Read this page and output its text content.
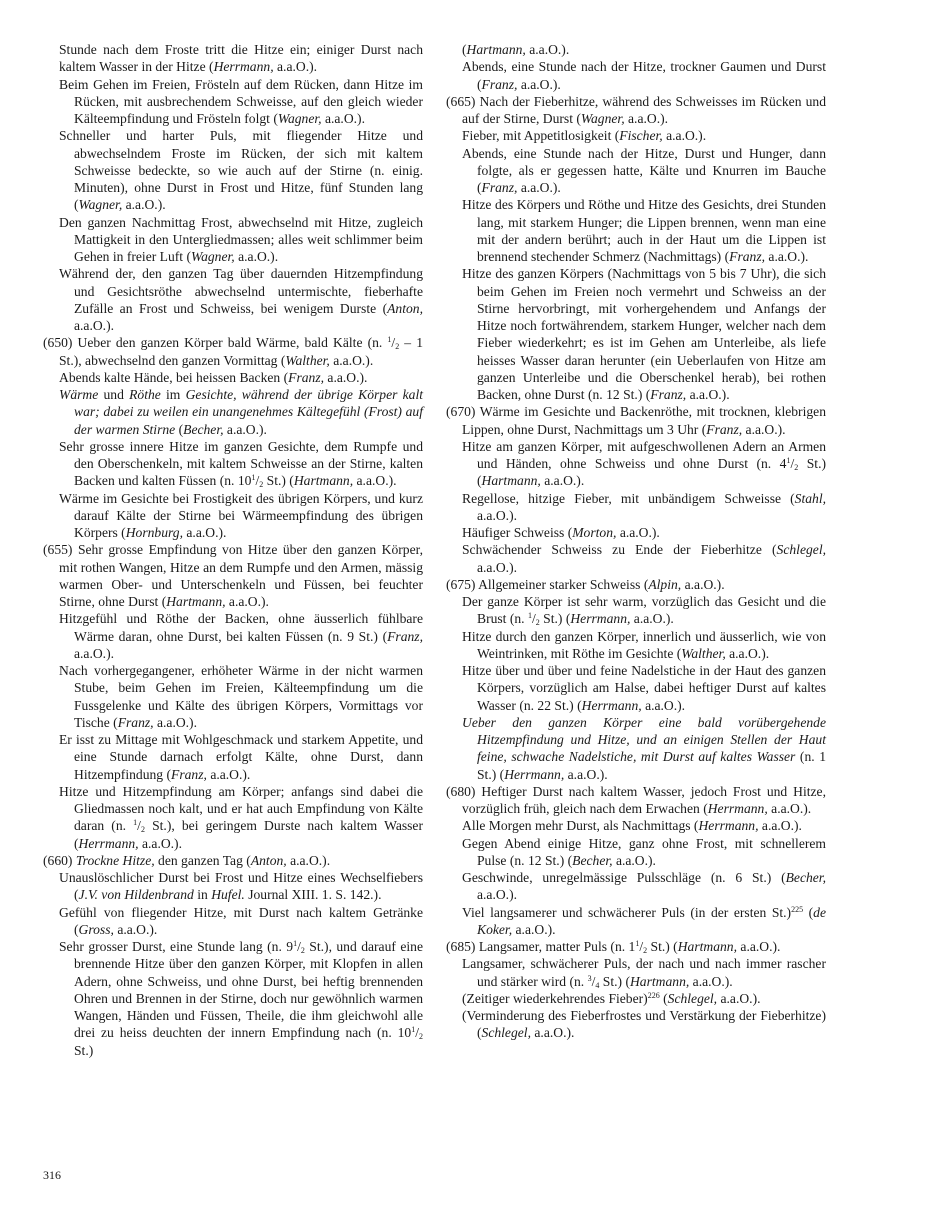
Stunde nach dem Froste tritt die Hitze ein; einiger Durst nach kaltem Wasser in der Hitze (Herrmann, a.a.O.).

Beim Gehen im Freien, Frösteln auf dem Rücken, dann Hitze im Rücken, mit ausbrechendem Schweisse, auf den gleich wieder Kälteempfindung und Frösteln folgt (Wagner, a.a.O.).

Schneller und harter Puls, mit fliegender Hitze und abwechselndem Froste im Rücken, der sich mit kaltem Schweisse bedeckte, so wie auch auf der Stirne (n. einig. Minuten), ohne Durst in Frost und Hitze, fünf Stunden lang (Wagner, a.a.O.).

Den ganzen Nachmittag Frost, abwechselnd mit Hitze, zugleich Mattigkeit in den Untergliedmassen; alles weit schlimmer beim Gehen in freier Luft (Wagner, a.a.O.).

Während der, den ganzen Tag über dauernden Hitzempfindung und Gesichtsröthe abwechselnd untermischte, fieberhafte Zufälle an Frost und Schweiss, bei wenigem Durste (Anton, a.a.O.).

(650) Ueber den ganzen Körper bald Wärme, bald Kälte (n. $^1/_2 - 1$ St.), abwechselnd den ganzen Vormittag (Walther, a.a.O.).

Abends kalte Hände, bei heissen Backen (Franz, a.a.O.).

Wärme und Röthe im Gesichte, während der übrige Körper kalt war; dabei zu weilen ein unangenehmes Kältegefühl (Frost) auf der warmen Stirne (Becher, a.a.O.).

Sehr grosse innere Hitze im ganzen Gesichte, dem Rumpfe und den Oberschenkeln, mit kaltem Schweisse an der Stirne, kalten Backen und kalten Füssen (n. $10^1/_2$ St.) (Hartmann, a.a.O.).

Wärme im Gesichte bei Frostigkeit des übrigen Körpers, und kurz darauf Kälte der Stirne bei Wärmeempfindung des übrigen Körpers (Hornburg, a.a.O.).

(655) Sehr grosse Empfindung von Hitze über den ganzen Körper, mit rothen Wangen, Hitze an dem Rumpfe und den Armen, mässig warmen Ober- und Unterschenkeln und Füssen, bei feuchter Stirne, ohne Durst (Hartmann, a.a.O.).

Hitzgefühl und Röthe der Backen, ohne äusserlich fühlbare Wärme daran, ohne Durst, bei kalten Füssen (n. 9 St.) (Franz, a.a.O.).

Nach vorhergegangener, erhöheter Wärme in der nicht warmen Stube, beim Gehen im Freien, Kälteempfindung um die Fussgelenke und Kälte des übrigen Körpers, Vormittags vor Tische (Franz, a.a.O.).

Er isst zu Mittage mit Wohlgeschmack und starkem Appetite, und eine Stunde darnach erfolgt Kälte, ohne Durst, dann Hitzempfindung (Franz, a.a.O.).

Hitze und Hitzempfindung am Körper; anfangs sind dabei die Gliedmassen noch kalt, und er hat auch Empfindung von Kälte daran (n. $^1/_2$ St.), bei geringem Durste nach kaltem Wasser (Herrmann, a.a.O.).

(660) Trockne Hitze, den ganzen Tag (Anton, a.a.O.).

Unauslöschlicher Durst bei Frost und Hitze eines Wechselfiebers (J.V. von Hildenbrand in Hufel. Journal XIII. 1. S. 142.).

Gefühl von fliegender Hitze, mit Durst nach kaltem Getränke (Gross, a.a.O.).

Sehr grosser Durst, eine Stunde lang (n. $9^1/_2$ St.), und darauf eine brennende Hitze über den ganzen Körper, mit Klopfen in allen Adern, ohne Schweiss, und ohne Durst, bei heftig brennenden Ohren und Brennen in der Stirne, doch nur gewöhnlich warmen Wangen, Händen und Füssen, Theile, die ihm gleichwohl alle drei zu heiss deuchten der innern Empfindung nach (n. $10^1/_2$ St.)

(Hartmann, a.a.O.).

Abends, eine Stunde nach der Hitze, trockner Gaumen und Durst (Franz, a.a.O.).

(665) Nach der Fieberhitze, während des Schweisses im Rücken und auf der Stirne, Durst (Wagner, a.a.O.).

Fieber, mit Appetitlosigkeit (Fischer, a.a.O.).

Abends, eine Stunde nach der Hitze, Durst und Hunger, dann folgte, als er gegessen hatte, Kälte und Knurren im Bauche (Franz, a.a.O.).

Hitze des Körpers und Röthe und Hitze des Gesichts, drei Stunden lang, mit starkem Hunger; die Lippen brennen, wenn man eine mit der andern berührt; auch in der Haut um die Lippen ist brennend stechender Schmerz (Nachmittags) (Franz, a.a.O.).

Hitze des ganzen Körpers (Nachmittags von 5 bis 7 Uhr), die sich beim Gehen im Freien noch vermehrt und Schweiss an der Stirne hervorbringt, mit vorhergehendem und Anfangs der Hitze noch fortwährendem, starkem Hunger, welcher nach dem Fieber wiederkehrt; es ist im Gehen am Unterleibe, als liefe heisses Wasser daran herunter (ein Ueberlaufen von Hitze am ganzen Unterleibe und die Oberschenkel herab), bei rothen Backen, ohne Durst (n. 12 St.) (Franz, a.a.O.).

(670) Wärme im Gesichte und Backenröthe, mit trocknen, klebrigen Lippen, ohne Durst, Nachmittags um 3 Uhr (Franz, a.a.O.).

Hitze am ganzen Körper, mit aufgeschwollenen Adern an Armen und Händen, ohne Schweiss und ohne Durst (n. $4^1/_2$ St.) (Hartmann, a.a.O.).

Regellose, hitzige Fieber, mit unbändigem Schweisse (Stahl, a.a.O.).

Häufiger Schweiss (Morton, a.a.O.).

Schwächender Schweiss zu Ende der Fieberhitze (Schlegel, a.a.O.).

(675) Allgemeiner starker Schweiss (Alpin, a.a.O.).

Der ganze Körper ist sehr warm, vorzüglich das Gesicht und die Brust (n. $^1/_2$ St.) (Herrmann, a.a.O.).

Hitze durch den ganzen Körper, innerlich und äusserlich, wie von Weintrinken, mit Röthe im Gesichte (Walther, a.a.O.).

Hitze über und über und feine Nadelstiche in der Haut des ganzen Körpers, vorzüglich am Halse, dabei heftiger Durst auf kaltes Wasser (n. 22 St.) (Herrmann, a.a.O.).

Ueber den ganzen Körper eine bald vorübergehende Hitzempfindung und Hitze, und an einigen Stellen der Haut feine, schwache Nadelstiche, mit Durst auf kaltes Wasser (n. 1 St.) (Herrmann, a.a.O.).

(680) Heftiger Durst nach kaltem Wasser, jedoch Frost und Hitze, vorzüglich früh, gleich nach dem Erwachen (Herrmann, a.a.O.).

Alle Morgen mehr Durst, als Nachmittags (Herrmann, a.a.O.).

Gegen Abend einige Hitze, ganz ohne Frost, mit schnellerem Pulse (n. 12 St.) (Becher, a.a.O.).

Geschwinde, unregelmässige Pulsschläge (n. 6 St.) (Becher, a.a.O.).

Viel langsamerer und schwächerer Puls (in der ersten St.)$^{225}$ (de Koker, a.a.O.).

(685) Langsamer, matter Puls (n. $1^1/_2$ St.) (Hartmann, a.a.O.).

Langsamer, schwächerer Puls, der nach und nach immer rascher und stärker wird (n. $^3/_4$ St.) (Hartmann, a.a.O.).

(Zeitiger wiederkehrendes Fieber)$^{226}$ (Schlegel, a.a.O.).

(Verminderung des Fieberfrostes und Verstärkung der Fieberhitze) (Schlegel, a.a.O.).

316
